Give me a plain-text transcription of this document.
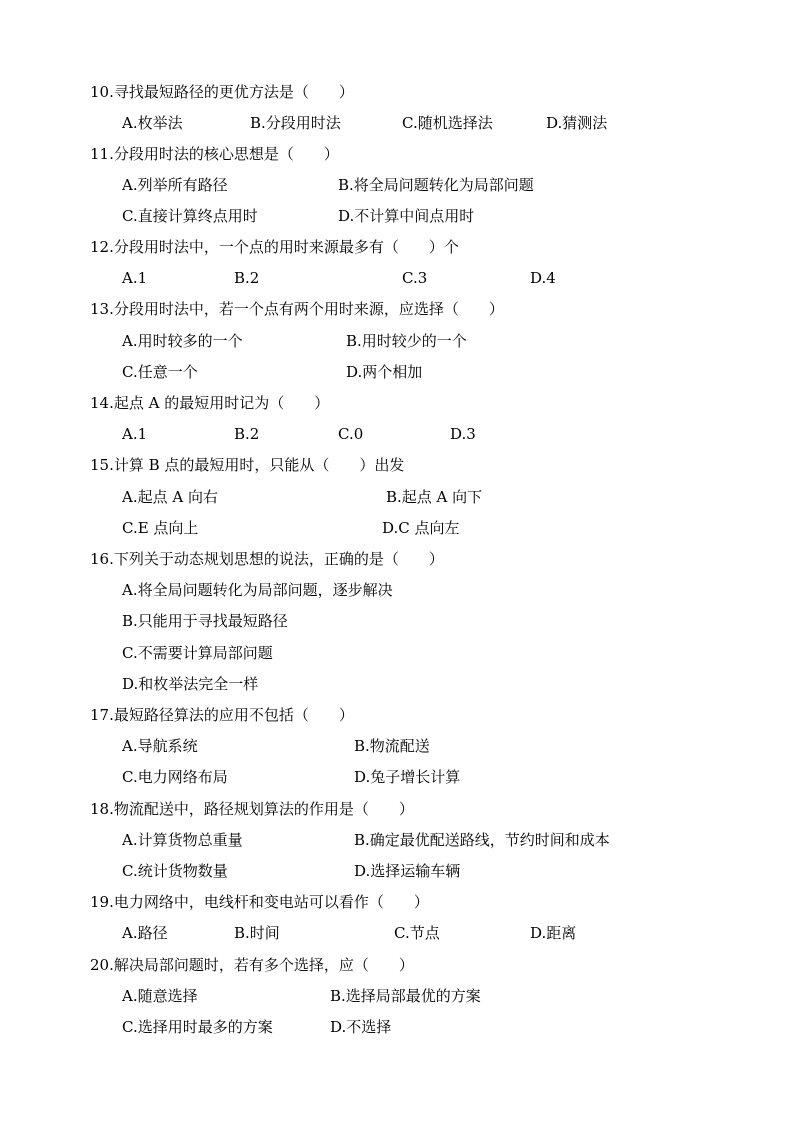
10.寻找最短路径的更优方法是（　　）
A.枚举法	B.分段用时法	C.随机选择法	D.猜测法
11.分段用时法的核心思想是（　　）
A.列举所有路径	B.将全局问题转化为局部问题
C.直接计算终点用时	D.不计算中间点用时
12.分段用时法中，一个点的用时来源最多有（　　）个
A.1	B.2	C.3	D.4
13.分段用时法中，若一个点有两个用时来源，应选择（　　）
A.用时较多的一个	B.用时较少的一个
C.任意一个	D.两个相加
14.起点 A 的最短用时记为（　　）
A.1	B.2	C.0	D.3
15.计算 B 点的最短用时，只能从（　　）出发
A.起点 A 向右	B.起点 A 向下
C.E 点向上	D.C 点向左
16.下列关于动态规划思想的说法，正确的是（　　）
A.将全局问题转化为局部问题，逐步解决
B.只能用于寻找最短路径
C.不需要计算局部问题
D.和枚举法完全一样
17.最短路径算法的应用不包括（　　）
A.导航系统	B.物流配送
C.电力网络布局	D.兔子增长计算
18.物流配送中，路径规划算法的作用是（　　）
A.计算货物总重量	B.确定最优配送路线，节约时间和成本
C.统计货物数量	D.选择运输车辆
19.电力网络中，电线杆和变电站可以看作（　　）
A.路径	B.时间	C.节点	D.距离
20.解决局部问题时，若有多个选择，应（　　）
A.随意选择	B.选择局部最优的方案
C.选择用时最多的方案	D.不选择
